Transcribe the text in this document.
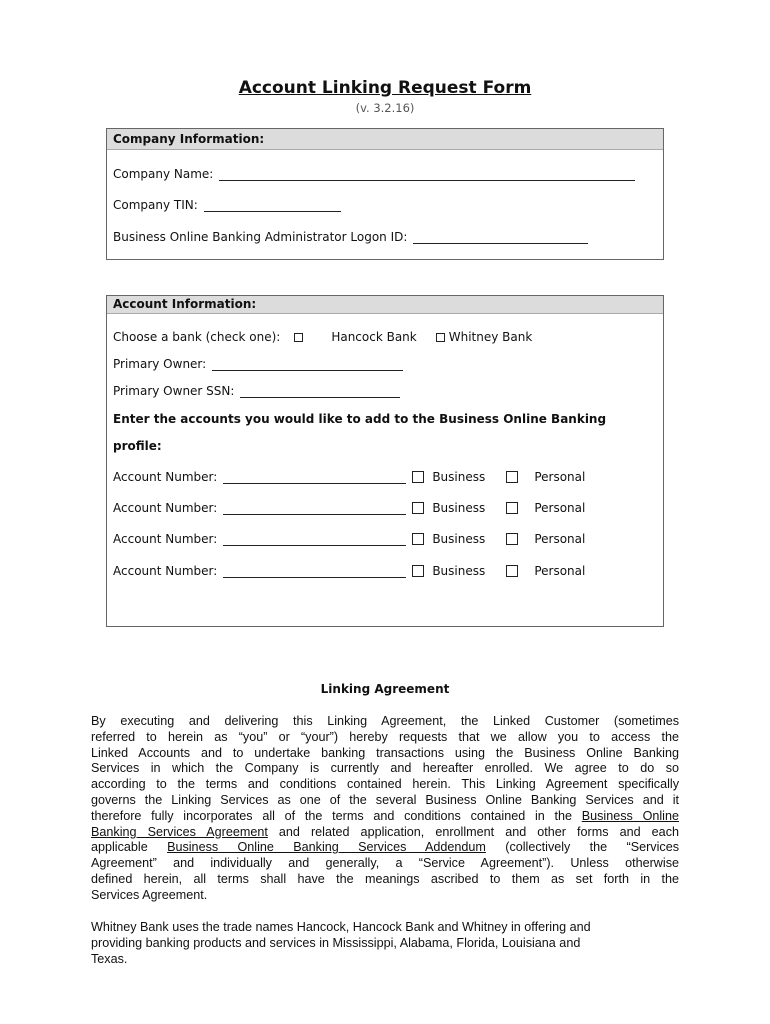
Account Linking Request Form
(v. 3.2.16)
Company Information:
Company Name:
Company TIN:
Business Online Banking Administrator Logon ID:
Account Information:
Choose a bank (check one):	Hancock Bank	Whitney Bank
Primary Owner:
Primary Owner SSN:
Enter the accounts you would like to add to the Business Online Banking
profile:
Account Number:	Business	Personal
Account Number:	Business	Personal
Account Number:	Business	Personal
Account Number:	Business	Personal
Linking Agreement
By executing and delivering this Linking Agreement, the Linked Customer (sometimes
referred to herein as “you” or “your”) hereby requests that we allow you to access the
Linked Accounts and to undertake banking transactions using the Business Online Banking
Services in which the Company is currently and hereafter enrolled. We agree to do so
according to the terms and conditions contained herein. This Linking Agreement specifically
governs the Linking Services as one of the several Business Online Banking Services and it
therefore fully incorporates all of the terms and conditions contained in the Business Online
Banking Services Agreement and related application, enrollment and other forms and each
applicable Business Online Banking Services Addendum (collectively the “Services
Agreement” and individually and generally, a “Service Agreement”). Unless otherwise
defined herein, all terms shall have the meanings ascribed to them as set forth in the
Services Agreement.
Whitney Bank uses the trade names Hancock, Hancock Bank and Whitney in offering and
providing banking products and services in Mississippi, Alabama, Florida, Louisiana and
Texas.
